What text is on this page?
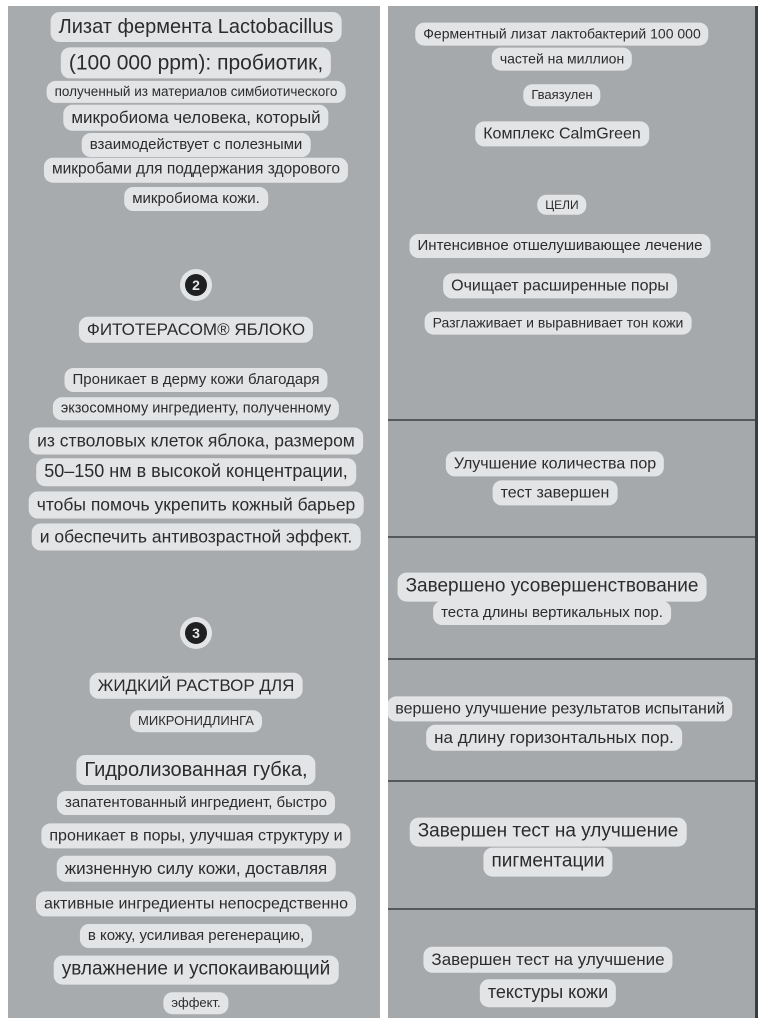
Лизат фермента Lactobacillus
(100 000 ppm): пробиотик,
полученный из материалов симбиотического
микробиома человека, который
взаимодействует с полезными
микробами для поддержания здорового
микробиома кожи.
2
ФИТОТЕРАСОМ® ЯБЛОКО
Проникает в дерму кожи благодаря
экзосомному ингредиенту, полученному
из стволовых клеток яблока, размером
50–150 нм в высокой концентрации,
чтобы помочь укрепить кожный барьер
и обеспечить антивозрастной эффект.
3
ЖИДКИЙ РАСТВОР ДЛЯ
МИКРОНИДЛИНГА
Гидролизованная губка,
запатентованный ингредиент, быстро
проникает в поры, улучшая структуру и
жизненную силу кожи, доставляя
активные ингредиенты непосредственно
в кожу, усиливая регенерацию,
увлажнение и успокаивающий
эффект.
Ферментный лизат лактобактерий 100 000
частей на миллион
Гваязулен
Комплекс CalmGreen
ЦЕЛИ
Интенсивное отшелушивающее лечение
Очищает расширенные поры
Разглаживает и выравнивает тон кожи
Улучшение количества пор
тест завершен
Завершено усовершенствование
теста длины вертикальных пор.
вершено улучшение результатов испытаний
на длину горизонтальных пор.
Завершен тест на улучшение
пигментации
Завершен тест на улучшение
текстуры кожи
